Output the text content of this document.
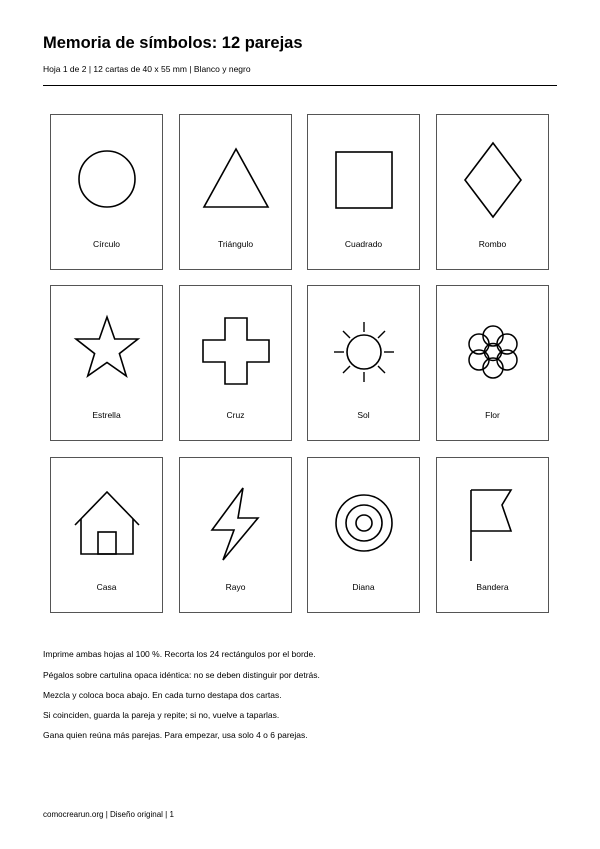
Memoria de símbolos: 12 parejas
Hoja 1 de 2 | 12 cartas de 40 x 55 mm | Blanco y negro
Círculo	Triángulo	Cuadrado	Rombo
Estrella	Cruz	Sol	Flor
Casa	Rayo	Diana	Bandera
Imprime ambas hojas al 100 %. Recorta los 24 rectángulos por el borde.
Pégalos sobre cartulina opaca idéntica: no se deben distinguir por detrás.
Mezcla y coloca boca abajo. En cada turno destapa dos cartas.
Si coinciden, guarda la pareja y repite; si no, vuelve a taparlas.
Gana quien reúna más parejas. Para empezar, usa solo 4 o 6 parejas.
comocrearun.org | Diseño original | 1
